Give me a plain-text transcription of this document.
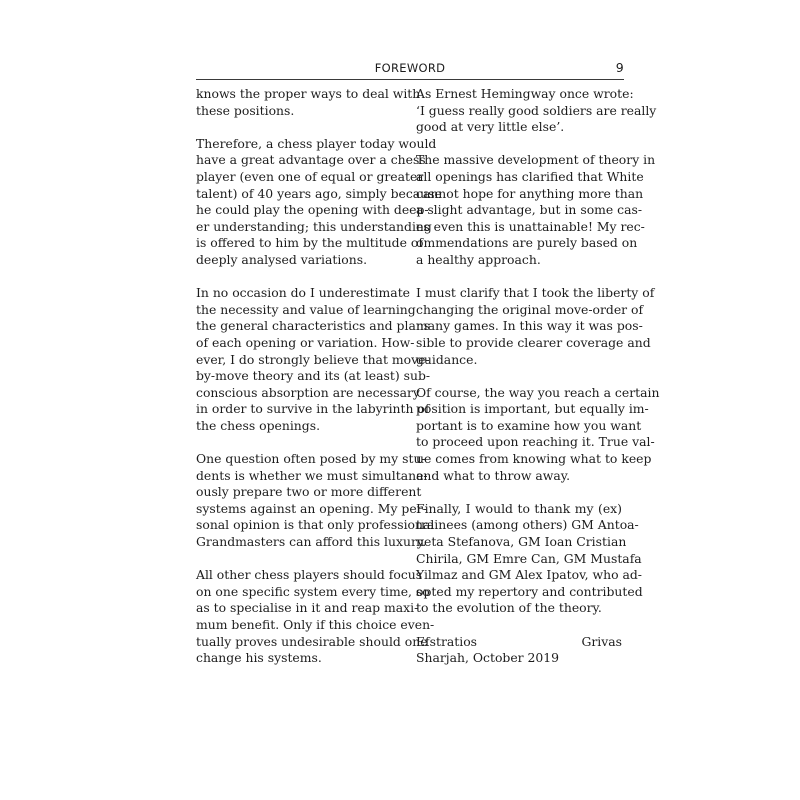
FOREWORD	9
knows the proper ways to deal with
these positions.
Therefore, a chess player today would
have a great advantage over a chess
player (even one of equal or greater
talent) of 40 years ago, simply because
he could play the opening with deep-
er understanding; this understanding
is offered to him by the multitude of
deeply analysed variations.
In no occasion do I underestimate
the necessity and value of learning
the general characteristics and plans
of each opening or variation. How-
ever, I do strongly believe that move-
by-move theory and its (at least) sub-
conscious absorption are necessary
in order to survive in the labyrinth of
the chess openings.
One question often posed by my stu-
dents is whether we must simultane-
ously prepare two or more different
systems against an opening. My per-
sonal opinion is that only professional
Grandmasters can afford this luxury.
All other chess players should focus
on one specific system every time, so
as to specialise in it and reap maxi-
mum benefit. Only if this choice even-
tually proves undesirable should one
change his systems.
As Ernest Hemingway once wrote:
‘I guess really good soldiers are really
good at very little else’.
The massive development of theory in
all openings has clarified that White
cannot hope for anything more than
a slight advantage, but in some cas-
es even this is unattainable! My rec-
ommendations are purely based on
a healthy approach.
I must clarify that I took the liberty of
changing the original move-order of
many games. In this way it was pos-
sible to provide clearer coverage and
guidance.
Of course, the way you reach a certain
position is important, but equally im-
portant is to examine how you want
to proceed upon reaching it. True val-
ue comes from knowing what to keep
and what to throw away.
Finally, I would to thank my (ex)
trainees (among others) GM Antoa-
neta Stefanova, GM Ioan Cristian
Chirila, GM Emre Can, GM Mustafa
Yilmaz and GM Alex Ipatov, who ad-
opted my repertory and contributed
to the evolution of the theory.
Efstratios Grivas
Sharjah, October 2019
